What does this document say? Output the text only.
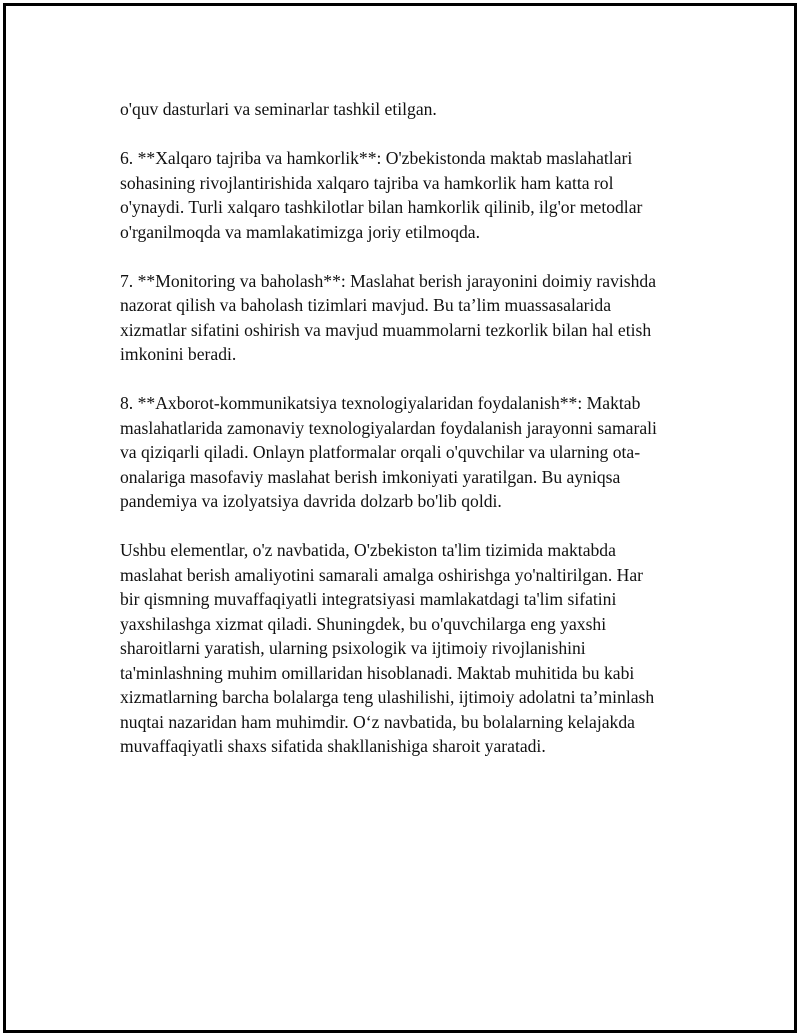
o'quv dasturlari va seminarlar tashkil etilgan.

6. **Xalqaro tajriba va hamkorlik**: O'zbekistonda maktab maslahatlari
sohasining rivojlantirishida xalqaro tajriba va hamkorlik ham katta rol
o'ynaydi. Turli xalqaro tashkilotlar bilan hamkorlik qilinib, ilg'or metodlar
o'rganilmoqda va mamlakatimizga joriy etilmoqda.

7. **Monitoring va baholash**: Maslahat berish jarayonini doimiy ravishda
nazorat qilish va baholash tizimlari mavjud. Bu ta’lim muassasalarida
xizmatlar sifatini oshirish va mavjud muammolarni tezkorlik bilan hal etish
imkonini beradi.

8. **Axborot-kommunikatsiya texnologiyalaridan foydalanish**: Maktab
maslahatlarida zamonaviy texnologiyalardan foydalanish jarayonni samarali
va qiziqarli qiladi. Onlayn platformalar orqali o'quvchilar va ularning ota-
onalariga masofaviy maslahat berish imkoniyati yaratilgan. Bu ayniqsa
pandemiya va izolyatsiya davrida dolzarb bo'lib qoldi.

Ushbu elementlar, o'z navbatida, O'zbekiston ta'lim tizimida maktabda
maslahat berish amaliyotini samarali amalga oshirishga yo'naltirilgan. Har
bir qismning muvaffaqiyatli integratsiyasi mamlakatdagi ta'lim sifatini
yaxshilashga xizmat qiladi. Shuningdek, bu o'quvchilarga eng yaxshi
sharoitlarni yaratish, ularning psixologik va ijtimoiy rivojlanishini
ta'minlashning muhim omillaridan hisoblanadi. Maktab muhitida bu kabi
xizmatlarning barcha bolalarga teng ulashilishi, ijtimoiy adolatni ta’minlash
nuqtai nazaridan ham muhimdir. O‘z navbatida, bu bolalarning kelajakda
muvaffaqiyatli shaxs sifatida shakllanishiga sharoit yaratadi.
